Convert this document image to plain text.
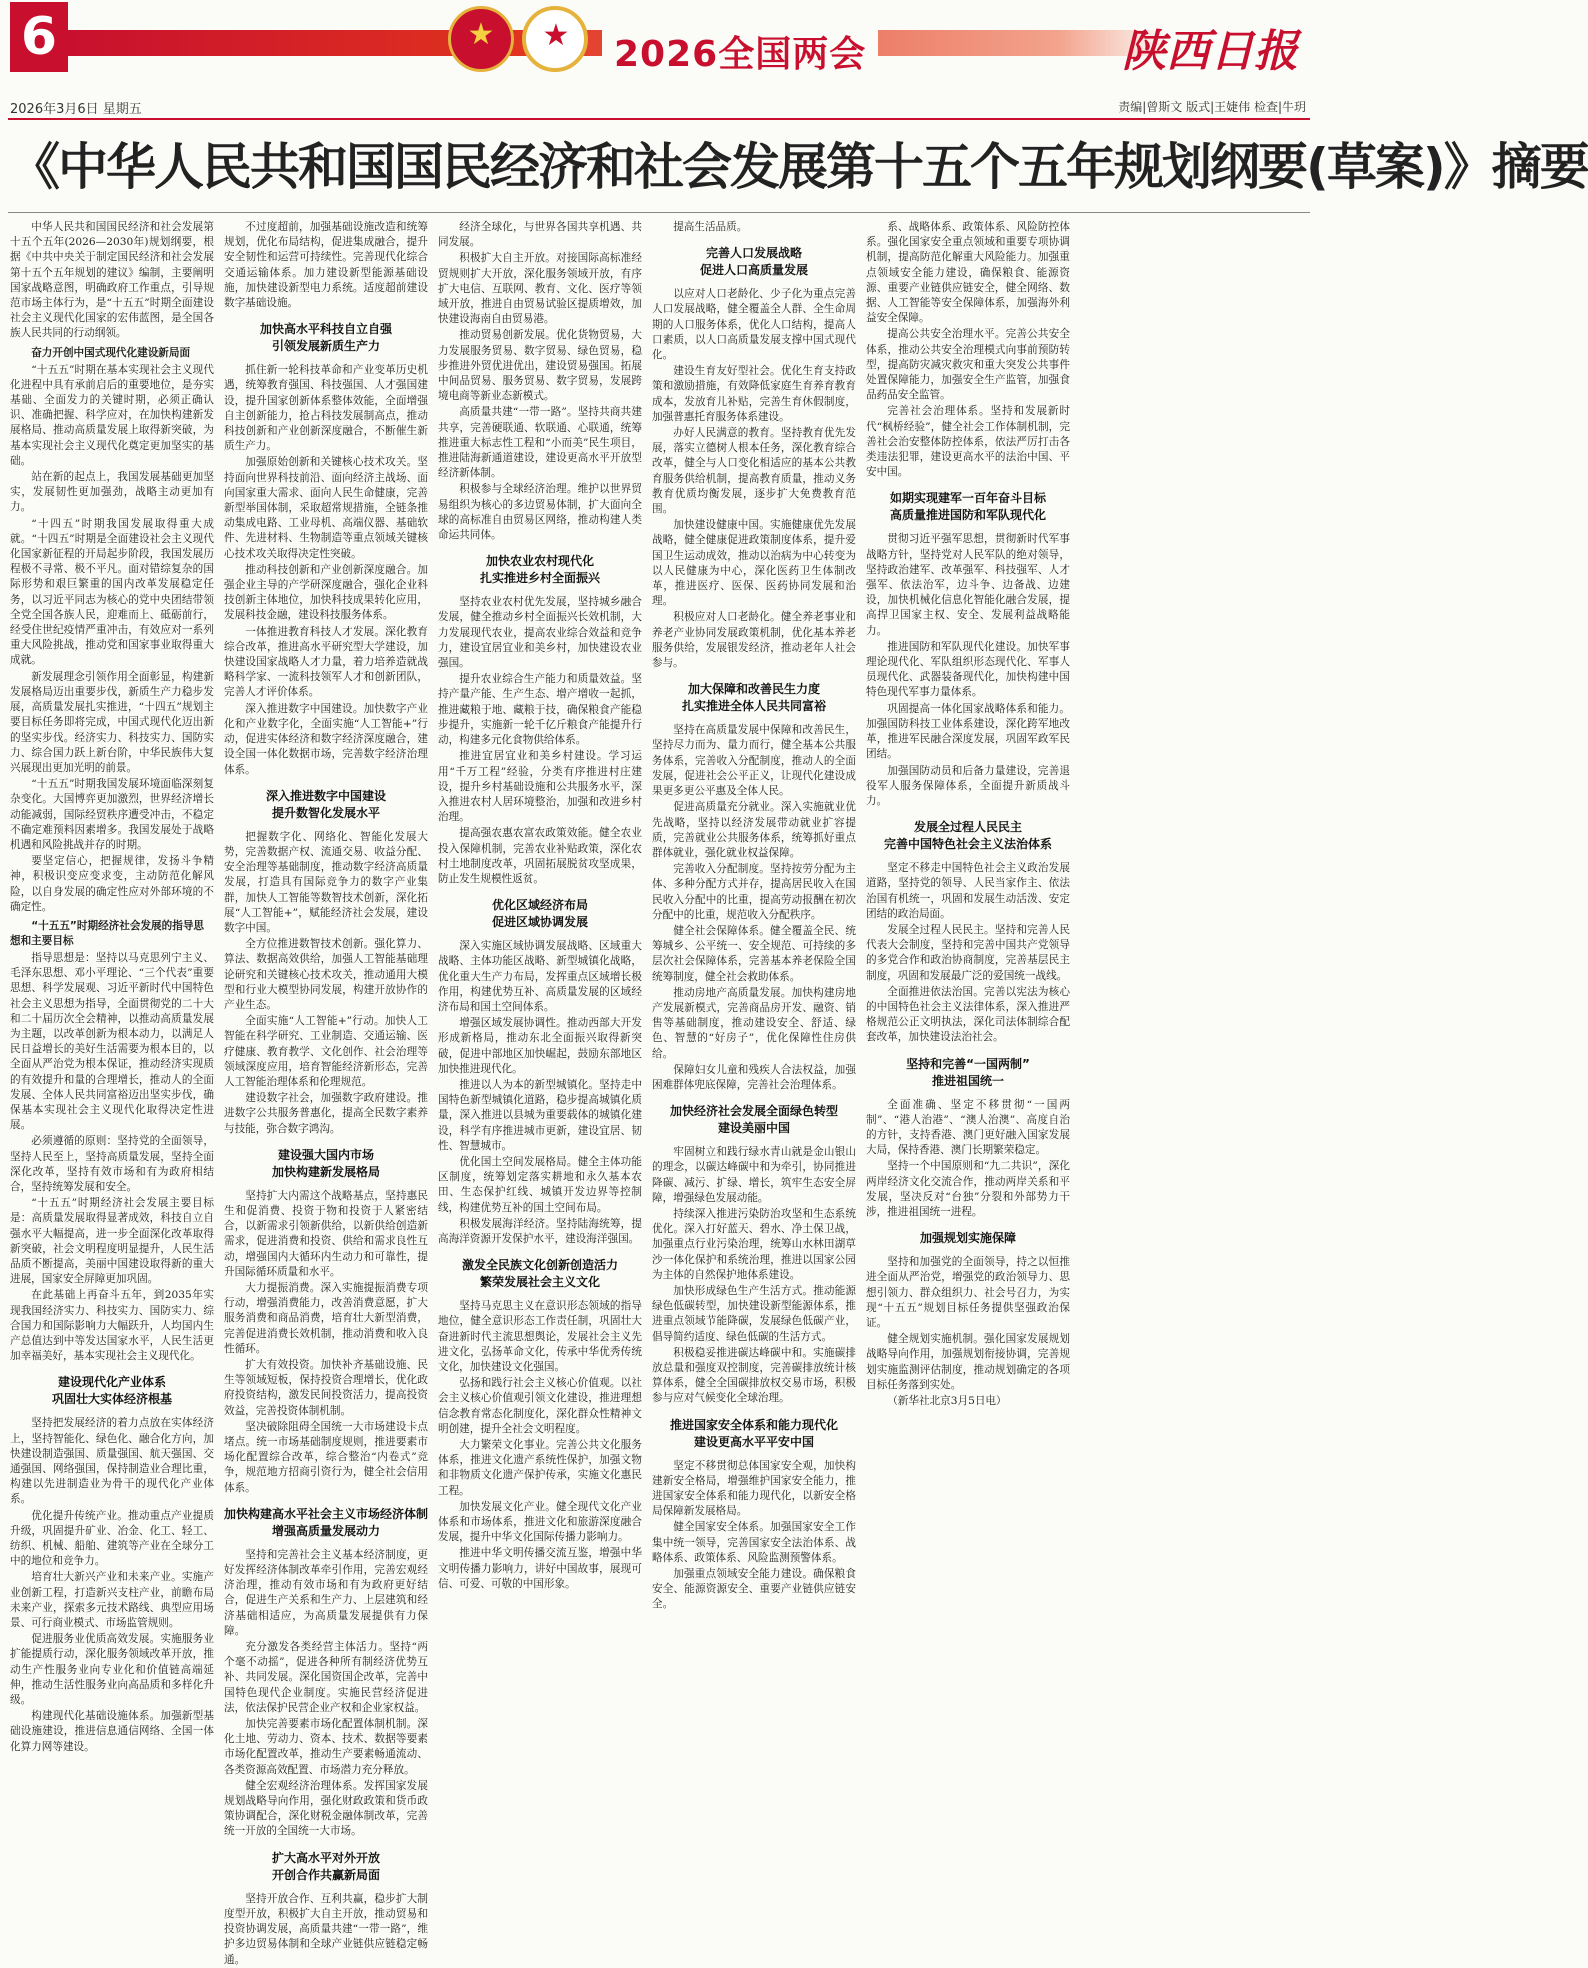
6	★	★	2026全国两会	陕西日报
2026年3月6日 星期五	责编|曾斯文 版式|王婕伟 检查|牛玥
《中华人民共和国国民经济和社会发展第十五个五年规划纲要(草案)》摘要

中华人民共和国国民经济和社会发展第十五个五年(2026—2030年)规划纲要，根据《中共中央关于制定国民经济和社会发展第十五个五年规划的建议》编制，主要阐明国家战略意图，明确政府工作重点，引导规范市场主体行为，是“十五五”时期全面建设社会主义现代化国家的宏伟蓝图，是全国各族人民共同的行动纲领。

奋力开创中国式现代化建设新局面

“十五五”时期在基本实现社会主义现代化进程中具有承前启后的重要地位，是夯实基础、全面发力的关键时期，必须正确认识、准确把握、科学应对，在加快构建新发展格局、推动高质量发展上取得新突破，为基本实现社会主义现代化奠定更加坚实的基础。

站在新的起点上，我国发展基础更加坚实，发展韧性更加强劲，战略主动更加有力。

“十四五”时期我国发展取得重大成就。“十四五”时期是全面建设社会主义现代化国家新征程的开局起步阶段，我国发展历程极不寻常、极不平凡。面对错综复杂的国际形势和艰巨繁重的国内改革发展稳定任务，以习近平同志为核心的党中央团结带领全党全国各族人民，迎难而上、砥砺前行，经受住世纪疫情严重冲击，有效应对一系列重大风险挑战，推动党和国家事业取得重大成就。

新发展理念引领作用全面彰显，构建新发展格局迈出重要步伐，新质生产力稳步发展，高质量发展扎实推进，“十四五”规划主要目标任务即将完成，中国式现代化迈出新的坚实步伐。经济实力、科技实力、国防实力、综合国力跃上新台阶，中华民族伟大复兴展现出更加光明的前景。

“十五五”时期我国发展环境面临深刻复杂变化。大国博弈更加激烈，世界经济增长动能减弱，国际经贸秩序遭受冲击，不稳定不确定难预料因素增多。我国发展处于战略机遇和风险挑战并存的时期。

要坚定信心，把握规律，发扬斗争精神，积极识变应变求变，主动防范化解风险，以自身发展的确定性应对外部环境的不确定性。

“十五五”时期经济社会发展的指导思想和主要目标

指导思想是：坚持以马克思列宁主义、毛泽东思想、邓小平理论、“三个代表”重要思想、科学发展观、习近平新时代中国特色社会主义思想为指导，全面贯彻党的二十大和二十届历次全会精神，以推动高质量发展为主题，以改革创新为根本动力，以满足人民日益增长的美好生活需要为根本目的，以全面从严治党为根本保证，推动经济实现质的有效提升和量的合理增长，推动人的全面发展、全体人民共同富裕迈出坚实步伐，确保基本实现社会主义现代化取得决定性进展。

必须遵循的原则：坚持党的全面领导，坚持人民至上，坚持高质量发展，坚持全面深化改革，坚持有效市场和有为政府相结合，坚持统筹发展和安全。

“十五五”时期经济社会发展主要目标是：高质量发展取得显著成效，科技自立自强水平大幅提高，进一步全面深化改革取得新突破，社会文明程度明显提升，人民生活品质不断提高，美丽中国建设取得新的重大进展，国家安全屏障更加巩固。

在此基础上再奋斗五年，到2035年实现我国经济实力、科技实力、国防实力、综合国力和国际影响力大幅跃升，人均国内生产总值达到中等发达国家水平，人民生活更加幸福美好，基本实现社会主义现代化。

建设现代化产业体系
巩固壮大实体经济根基

坚持把发展经济的着力点放在实体经济上，坚持智能化、绿色化、融合化方向，加快建设制造强国、质量强国、航天强国、交通强国、网络强国，保持制造业合理比重，构建以先进制造业为骨干的现代化产业体系。

优化提升传统产业。推动重点产业提质升级，巩固提升矿业、冶金、化工、轻工、纺织、机械、船舶、建筑等产业在全球分工中的地位和竞争力。

培育壮大新兴产业和未来产业。实施产业创新工程，打造新兴支柱产业，前瞻布局未来产业，探索多元技术路线、典型应用场景、可行商业模式、市场监管规则。

促进服务业优质高效发展。实施服务业扩能提质行动，深化服务领域改革开放，推动生产性服务业向专业化和价值链高端延伸，推动生活性服务业向高品质和多样化升级。

构建现代化基础设施体系。加强新型基础设施建设，推进信息通信网络、全国一体化算力网等建设。

不过度超前，加强基础设施改造和统筹规划，优化布局结构，促进集成融合，提升安全韧性和运营可持续性。完善现代化综合交通运输体系。加力建设新型能源基础设施，加快建设新型电力系统。适度超前建设数字基础设施。

加快高水平科技自立自强
引领发展新质生产力

抓住新一轮科技革命和产业变革历史机遇，统筹教育强国、科技强国、人才强国建设，提升国家创新体系整体效能，全面增强自主创新能力，抢占科技发展制高点，推动科技创新和产业创新深度融合，不断催生新质生产力。

加强原始创新和关键核心技术攻关。坚持面向世界科技前沿、面向经济主战场、面向国家重大需求、面向人民生命健康，完善新型举国体制，采取超常规措施，全链条推动集成电路、工业母机、高端仪器、基础软件、先进材料、生物制造等重点领域关键核心技术攻关取得决定性突破。

推动科技创新和产业创新深度融合。加强企业主导的产学研深度融合，强化企业科技创新主体地位，加快科技成果转化应用，发展科技金融，建设科技服务体系。

一体推进教育科技人才发展。深化教育综合改革，推进高水平研究型大学建设，加快建设国家战略人才力量，着力培养造就战略科学家、一流科技领军人才和创新团队，完善人才评价体系。

深入推进数字中国建设。加快数字产业化和产业数字化，全面实施“人工智能+”行动，促进实体经济和数字经济深度融合，建设全国一体化数据市场，完善数字经济治理体系。

深入推进数字中国建设
提升数智化发展水平

把握数字化、网络化、智能化发展大势，完善数据产权、流通交易、收益分配、安全治理等基础制度，推动数字经济高质量发展，打造具有国际竞争力的数字产业集群，加快人工智能等数智技术创新，深化拓展“人工智能+”，赋能经济社会发展，建设数字中国。

全方位推进数智技术创新。强化算力、算法、数据高效供给，加强人工智能基础理论研究和关键核心技术攻关，推动通用大模型和行业大模型协同发展，构建开放协作的产业生态。

全面实施“人工智能+”行动。加快人工智能在科学研究、工业制造、交通运输、医疗健康、教育教学、文化创作、社会治理等领域深度应用，培育智能经济新形态，完善人工智能治理体系和伦理规范。

建设数字社会，加强数字政府建设。推进数字公共服务普惠化，提高全民数字素养与技能，弥合数字鸿沟。

建设强大国内市场
加快构建新发展格局

坚持扩大内需这个战略基点，坚持惠民生和促消费、投资于物和投资于人紧密结合，以新需求引领新供给，以新供给创造新需求，促进消费和投资、供给和需求良性互动，增强国内大循环内生动力和可靠性，提升国际循环质量和水平。

大力提振消费。深入实施提振消费专项行动，增强消费能力，改善消费意愿，扩大服务消费和商品消费，培育壮大新型消费，完善促进消费长效机制，推动消费和收入良性循环。

扩大有效投资。加快补齐基础设施、民生等领域短板，保持投资合理增长，优化政府投资结构，激发民间投资活力，提高投资效益，完善投资体制机制。

坚决破除阻碍全国统一大市场建设卡点堵点。统一市场基础制度规则，推进要素市场化配置综合改革，综合整治“内卷式”竞争，规范地方招商引资行为，健全社会信用体系。

加快构建高水平社会主义市场经济体制
增强高质量发展动力

坚持和完善社会主义基本经济制度，更好发挥经济体制改革牵引作用，完善宏观经济治理，推动有效市场和有为政府更好结合，促进生产关系和生产力、上层建筑和经济基础相适应，为高质量发展提供有力保障。

充分激发各类经营主体活力。坚持“两个毫不动摇”，促进各种所有制经济优势互补、共同发展。深化国资国企改革，完善中国特色现代企业制度。实施民营经济促进法，依法保护民营企业产权和企业家权益。

加快完善要素市场化配置体制机制。深化土地、劳动力、资本、技术、数据等要素市场化配置改革，推动生产要素畅通流动、各类资源高效配置、市场潜力充分释放。

健全宏观经济治理体系。发挥国家发展规划战略导向作用，强化财政政策和货币政策协调配合，深化财税金融体制改革，完善统一开放的全国统一大市场。

扩大高水平对外开放
开创合作共赢新局面

坚持开放合作、互利共赢，稳步扩大制度型开放，积极扩大自主开放，推动贸易和投资协调发展，高质量共建“一带一路”，维护多边贸易体制和全球产业链供应链稳定畅通。

经济全球化，与世界各国共享机遇、共同发展。

积极扩大自主开放。对接国际高标准经贸规则扩大开放，深化服务领域开放，有序扩大电信、互联网、教育、文化、医疗等领域开放，推进自由贸易试验区提质增效，加快建设海南自由贸易港。

推动贸易创新发展。优化货物贸易，大力发展服务贸易、数字贸易、绿色贸易，稳步推进外贸优进优出，建设贸易强国。拓展中间品贸易、服务贸易、数字贸易，发展跨境电商等新业态新模式。

高质量共建“一带一路”。坚持共商共建共享，完善硬联通、软联通、心联通，统筹推进重大标志性工程和“小而美”民生项目，推进陆海新通道建设，建设更高水平开放型经济新体制。

积极参与全球经济治理。维护以世界贸易组织为核心的多边贸易体制，扩大面向全球的高标准自由贸易区网络，推动构建人类命运共同体。

加快农业农村现代化
扎实推进乡村全面振兴

坚持农业农村优先发展，坚持城乡融合发展，健全推动乡村全面振兴长效机制，大力发展现代农业，提高农业综合效益和竞争力，建设宜居宜业和美乡村，加快建设农业强国。

提升农业综合生产能力和质量效益。坚持产量产能、生产生态、增产增收一起抓，推进藏粮于地、藏粮于技，确保粮食产能稳步提升，实施新一轮千亿斤粮食产能提升行动，构建多元化食物供给体系。

推进宜居宜业和美乡村建设。学习运用“千万工程”经验，分类有序推进村庄建设，提升乡村基础设施和公共服务水平，深入推进农村人居环境整治，加强和改进乡村治理。

提高强农惠农富农政策效能。健全农业投入保障机制，完善农业补贴政策，深化农村土地制度改革，巩固拓展脱贫攻坚成果，防止发生规模性返贫。

优化区域经济布局
促进区域协调发展

深入实施区域协调发展战略、区域重大战略、主体功能区战略、新型城镇化战略，优化重大生产力布局，发挥重点区域增长极作用，构建优势互补、高质量发展的区域经济布局和国土空间体系。

增强区域发展协调性。推动西部大开发形成新格局，推动东北全面振兴取得新突破，促进中部地区加快崛起，鼓励东部地区加快推进现代化。

推进以人为本的新型城镇化。坚持走中国特色新型城镇化道路，稳步提高城镇化质量，深入推进以县城为重要载体的城镇化建设，科学有序推进城市更新，建设宜居、韧性、智慧城市。

优化国土空间发展格局。健全主体功能区制度，统筹划定落实耕地和永久基本农田、生态保护红线、城镇开发边界等控制线，构建优势互补的国土空间布局。

积极发展海洋经济。坚持陆海统筹，提高海洋资源开发保护水平，建设海洋强国。

激发全民族文化创新创造活力
繁荣发展社会主义文化

坚持马克思主义在意识形态领域的指导地位，健全意识形态工作责任制，巩固壮大奋进新时代主流思想舆论，发展社会主义先进文化，弘扬革命文化，传承中华优秀传统文化，加快建设文化强国。

弘扬和践行社会主义核心价值观。以社会主义核心价值观引领文化建设，推进理想信念教育常态化制度化，深化群众性精神文明创建，提升全社会文明程度。

大力繁荣文化事业。完善公共文化服务体系，推进文化遗产系统性保护，加强文物和非物质文化遗产保护传承，实施文化惠民工程。

加快发展文化产业。健全现代文化产业体系和市场体系，推进文化和旅游深度融合发展，提升中华文化国际传播力影响力。

推进中华文明传播交流互鉴，增强中华文明传播力影响力，讲好中国故事，展现可信、可爱、可敬的中国形象。

提高生活品质。

完善人口发展战略
促进人口高质量发展

以应对人口老龄化、少子化为重点完善人口发展战略，健全覆盖全人群、全生命周期的人口服务体系，优化人口结构，提高人口素质，以人口高质量发展支撑中国式现代化。

建设生育友好型社会。优化生育支持政策和激励措施，有效降低家庭生育养育教育成本，发放育儿补贴，完善生育休假制度，加强普惠托育服务体系建设。

办好人民满意的教育。坚持教育优先发展，落实立德树人根本任务，深化教育综合改革，健全与人口变化相适应的基本公共教育服务供给机制，提高教育质量，推动义务教育优质均衡发展，逐步扩大免费教育范围。

加快建设健康中国。实施健康优先发展战略，健全健康促进政策制度体系，提升爱国卫生运动成效，推动以治病为中心转变为以人民健康为中心，深化医药卫生体制改革，推进医疗、医保、医药协同发展和治理。

积极应对人口老龄化。健全养老事业和养老产业协同发展政策机制，优化基本养老服务供给，发展银发经济，推动老年人社会参与。

加大保障和改善民生力度
扎实推进全体人民共同富裕

坚持在高质量发展中保障和改善民生，坚持尽力而为、量力而行，健全基本公共服务体系，完善收入分配制度，推动人的全面发展，促进社会公平正义，让现代化建设成果更多更公平惠及全体人民。

促进高质量充分就业。深入实施就业优先战略，坚持以经济发展带动就业扩容提质，完善就业公共服务体系，统筹抓好重点群体就业，强化就业权益保障。

完善收入分配制度。坚持按劳分配为主体、多种分配方式并存，提高居民收入在国民收入分配中的比重，提高劳动报酬在初次分配中的比重，规范收入分配秩序。

健全社会保障体系。健全覆盖全民、统筹城乡、公平统一、安全规范、可持续的多层次社会保障体系，完善基本养老保险全国统筹制度，健全社会救助体系。

推动房地产高质量发展。加快构建房地产发展新模式，完善商品房开发、融资、销售等基础制度，推动建设安全、舒适、绿色、智慧的“好房子”，优化保障性住房供给。

保障妇女儿童和残疾人合法权益，加强困难群体兜底保障，完善社会治理体系。

加快经济社会发展全面绿色转型
建设美丽中国

牢固树立和践行绿水青山就是金山银山的理念，以碳达峰碳中和为牵引，协同推进降碳、减污、扩绿、增长，筑牢生态安全屏障，增强绿色发展动能。

持续深入推进污染防治攻坚和生态系统优化。深入打好蓝天、碧水、净土保卫战，加强重点行业污染治理，统筹山水林田湖草沙一体化保护和系统治理，推进以国家公园为主体的自然保护地体系建设。

加快形成绿色生产生活方式。推动能源绿色低碳转型，加快建设新型能源体系，推进重点领域节能降碳，发展绿色低碳产业，倡导简约适度、绿色低碳的生活方式。

积极稳妥推进碳达峰碳中和。实施碳排放总量和强度双控制度，完善碳排放统计核算体系，健全全国碳排放权交易市场，积极参与应对气候变化全球治理。

推进国家安全体系和能力现代化
建设更高水平平安中国

坚定不移贯彻总体国家安全观，加快构建新安全格局，增强维护国家安全能力，推进国家安全体系和能力现代化，以新安全格局保障新发展格局。

健全国家安全体系。加强国家安全工作集中统一领导，完善国家安全法治体系、战略体系、政策体系、风险监测预警体系。

加强重点领域安全能力建设。确保粮食安全、能源资源安全、重要产业链供应链安全。

系、战略体系、政策体系、风险防控体系。强化国家安全重点领域和重要专项协调机制，提高防范化解重大风险能力。加强重点领域安全能力建设，确保粮食、能源资源、重要产业链供应链安全，健全网络、数据、人工智能等安全保障体系，加强海外利益安全保障。

提高公共安全治理水平。完善公共安全体系，推动公共安全治理模式向事前预防转型，提高防灾减灾救灾和重大突发公共事件处置保障能力，加强安全生产监管，加强食品药品安全监管。

完善社会治理体系。坚持和发展新时代“枫桥经验”，健全社会工作体制机制，完善社会治安整体防控体系，依法严厉打击各类违法犯罪，建设更高水平的法治中国、平安中国。

如期实现建军一百年奋斗目标
高质量推进国防和军队现代化

贯彻习近平强军思想，贯彻新时代军事战略方针，坚持党对人民军队的绝对领导，坚持政治建军、改革强军、科技强军、人才强军、依法治军，边斗争、边备战、边建设，加快机械化信息化智能化融合发展，提高捍卫国家主权、安全、发展利益战略能力。

推进国防和军队现代化建设。加快军事理论现代化、军队组织形态现代化、军事人员现代化、武器装备现代化，加快构建中国特色现代军事力量体系。

巩固提高一体化国家战略体系和能力。加强国防科技工业体系建设，深化跨军地改革，推进军民融合深度发展，巩固军政军民团结。

加强国防动员和后备力量建设，完善退役军人服务保障体系，全面提升新质战斗力。

发展全过程人民民主
完善中国特色社会主义法治体系

坚定不移走中国特色社会主义政治发展道路，坚持党的领导、人民当家作主、依法治国有机统一，巩固和发展生动活泼、安定团结的政治局面。

发展全过程人民民主。坚持和完善人民代表大会制度，坚持和完善中国共产党领导的多党合作和政治协商制度，完善基层民主制度，巩固和发展最广泛的爱国统一战线。

全面推进依法治国。完善以宪法为核心的中国特色社会主义法律体系，深入推进严格规范公正文明执法，深化司法体制综合配套改革，加快建设法治社会。

坚持和完善“一国两制”
推进祖国统一

全面准确、坚定不移贯彻“一国两制”、“港人治港”、“澳人治澳”、高度自治的方针，支持香港、澳门更好融入国家发展大局，保持香港、澳门长期繁荣稳定。

坚持一个中国原则和“九二共识”，深化两岸经济文化交流合作，推动两岸关系和平发展，坚决反对“台独”分裂和外部势力干涉，推进祖国统一进程。

加强规划实施保障

坚持和加强党的全面领导，持之以恒推进全面从严治党，增强党的政治领导力、思想引领力、群众组织力、社会号召力，为实现“十五五”规划目标任务提供坚强政治保证。

健全规划实施机制。强化国家发展规划战略导向作用，加强规划衔接协调，完善规划实施监测评估制度，推动规划确定的各项目标任务落到实处。

（新华社北京3月5日电）
